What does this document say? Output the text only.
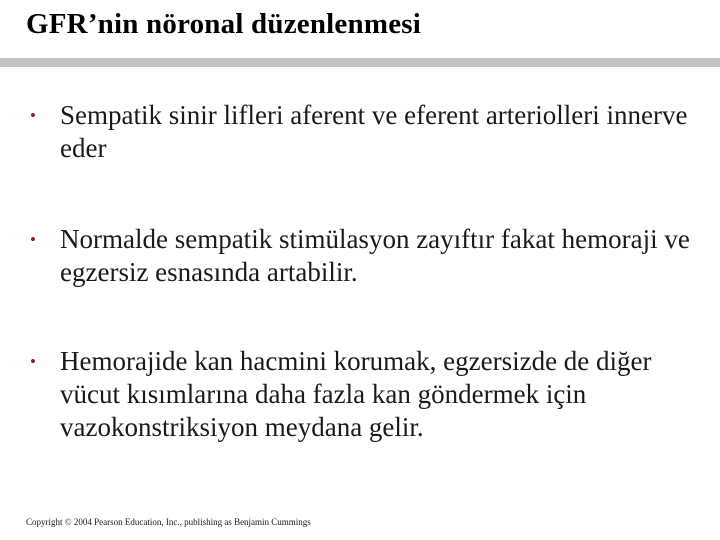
GFR’nin nöronal düzenlenmesi
• Sempatik sinir lifleri aferent ve eferent arteriolleri innerve eder
• Normalde sempatik stimülasyon zayıftır fakat hemoraji ve egzersiz esnasında artabilir.
• Hemorajide kan hacmini korumak, egzersizde de diğer vücut kısımlarına daha fazla kan göndermek için vazokonstriksiyon meydana gelir.
Copyright © 2004 Pearson Education, Inc., publishing as Benjamin Cummings
